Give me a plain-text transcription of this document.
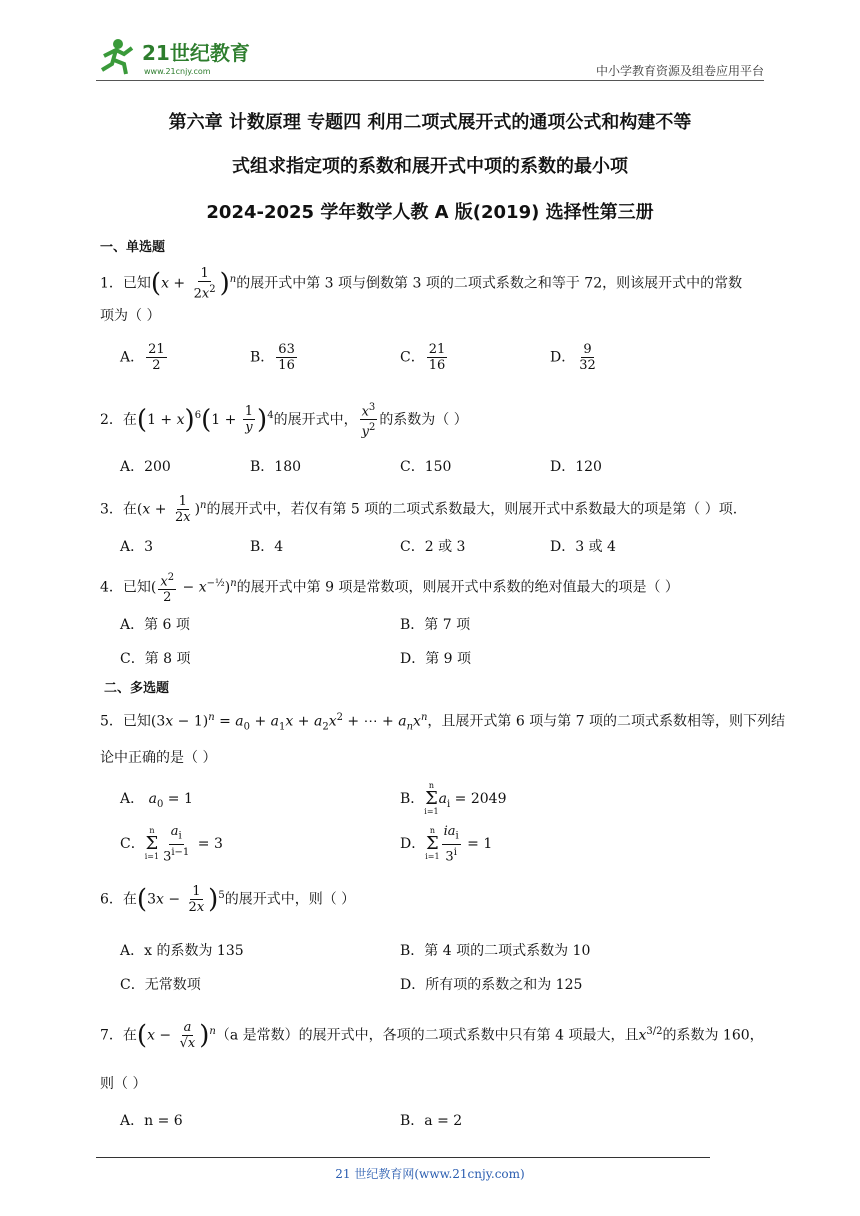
21世纪教育
www.21cnjy.com	中小学教育资源及组卷应用平台
第六章 计数原理 专题四 利用二项式展开式的通项公式和构建不等
式组求指定项的系数和展开式中项的系数的最小项
2024-2025 学年数学人教 A 版(2019) 选择性第三册
一、单选题
1．已知$(x + \frac{1}{2x^2} )^n$的展开式中第 3 项与倒数第 3 项的二项式系数之和等于 72，则该展开式中的常数
项为（ ）
A． $\frac{21}{2}$	B． $\frac{63}{16}$	C． $\frac{21}{16}$	D． $\frac{9}{32}$
2．在$(1 + x)^6(1 + \frac{1}{y} )^4$的展开式中， $\frac{x^3}{y^2}$ 的系数为（ ）
A．200	B．180	C．150	D．120
3．在$(x + \frac{1}{2x} )^n$的展开式中，若仅有第 5 项的二项式系数最大，则展开式中系数最大的项是第（ ）项.
A．3	B．4	C．2 或 3	D．3 或 4
4．已知( $\frac{x^2}{2} - x^{-\frac{1}{2}})^n$的展开式中第 9 项是常数项，则展开式中系数的绝对值最大的项是（ ）
A．第 6 项	B．第 7 项
C．第 8 项	D．第 9 项
二、多选题
5．已知$(3x - 1)^n = a_0 + a_1x + a_2x^2$ + ⋯ + $a_nx^n$，且展开式第 6 项与第 7 项的二项式系数相等，则下列结
论中正确的是（ ）
A． $a_0 = 1$	B．
n
Σ
i=1
$a_i = 2049$
C．
n
Σ
$i=1 \frac{a_i}{3^{i-1}} = 3$	D．
n
Σ
$i=1 \frac{ia_i}{3^i} = 1$
6．在$(3x - \frac{1}{2x} )^5$的展开式中，则（ ）
A．x 的系数为 135	B．第 4 项的二项式系数为 10
C．无常数项	D．所有项的系数之和为 125
7．在$(x - \frac{a}{√x} )^n(a$ 是常数）的展开式中，各项的二项式系数中只有第 4 项最大，且$x^{3/2}$的系数为 160，
则（ ）
A．n = 6	B．a = 2
21 世纪教育网(www.21cnjy.com)
